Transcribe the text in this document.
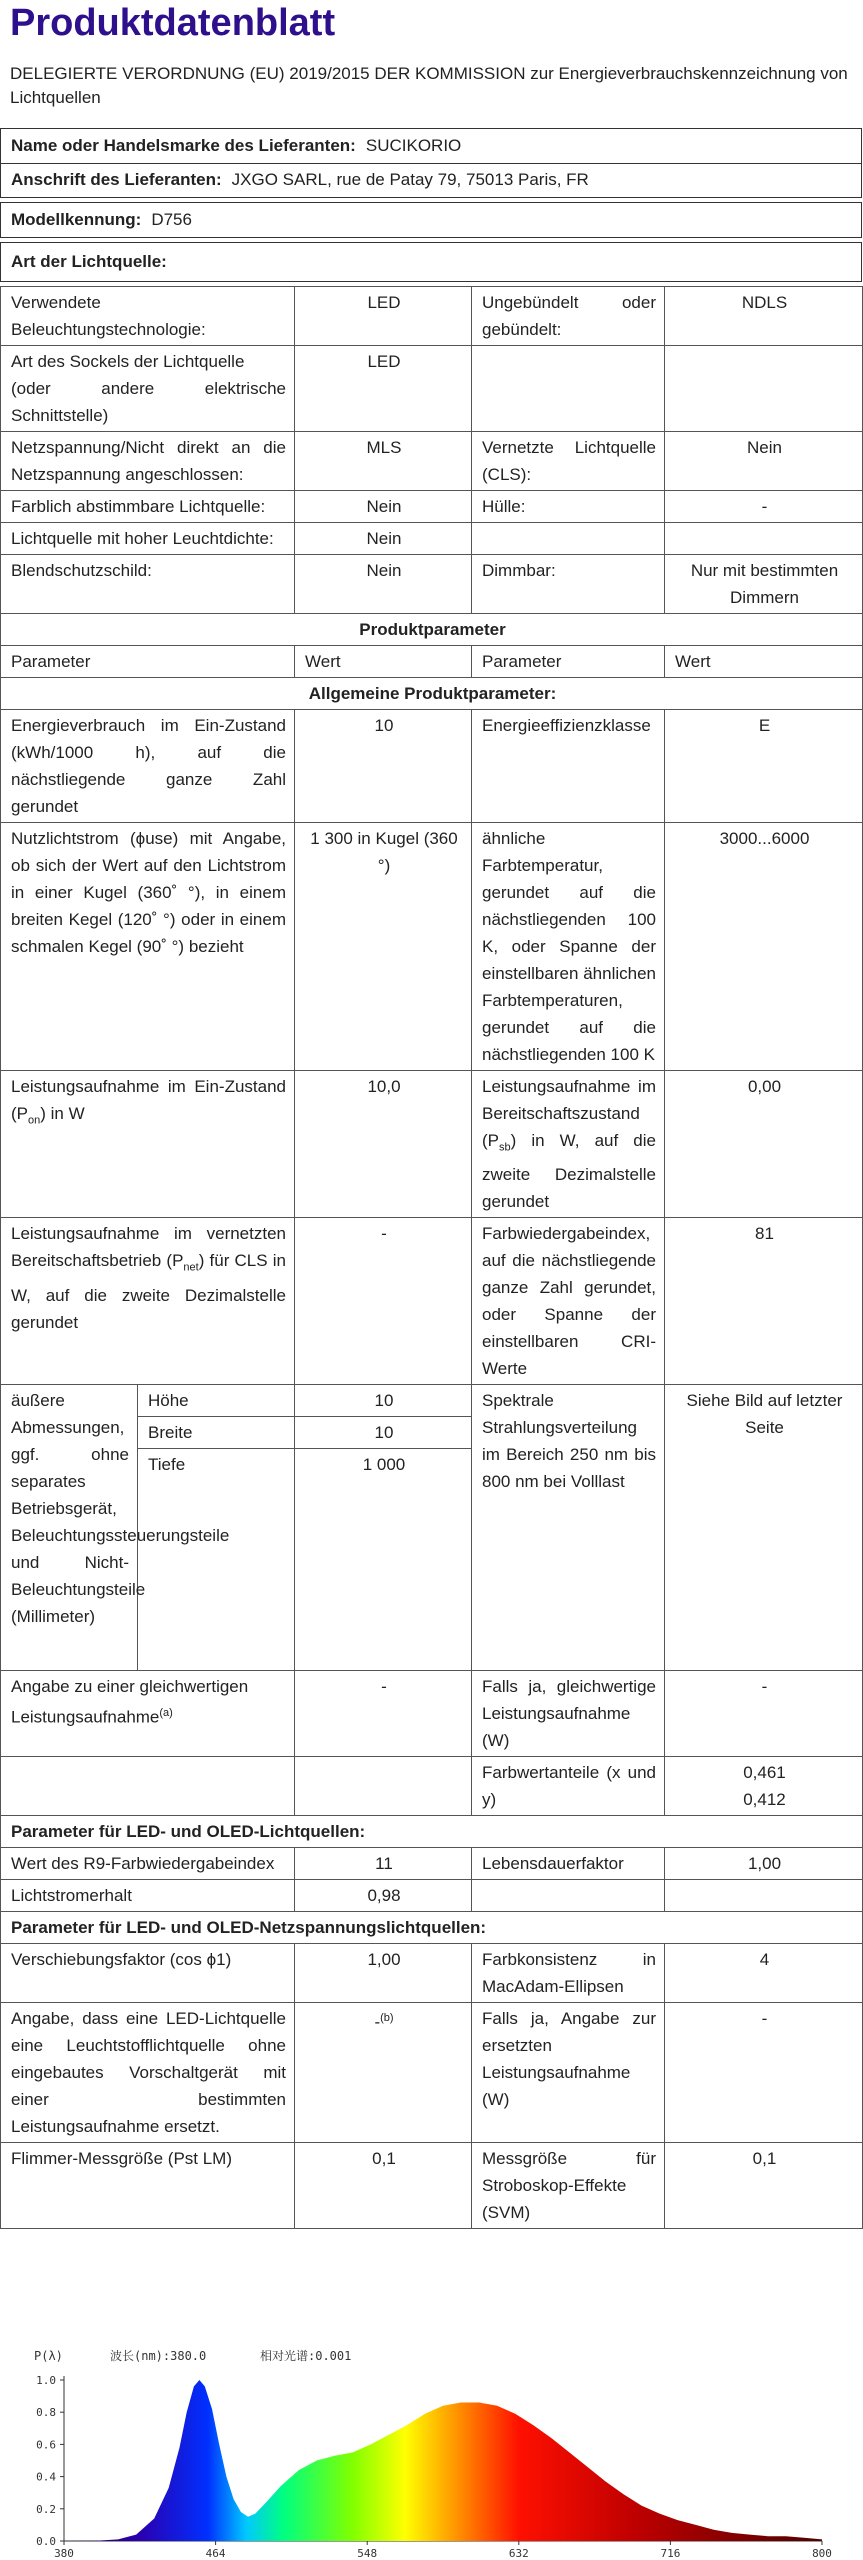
Produktdatenblatt
DELEGIERTE VERORDNUNG (EU) 2019/2015 DER KOMMISSION zur Energieverbrauchskennzeichnung von Lichtquellen
Name oder Handelsmarke des Lieferanten: SUCIKORIO
Anschrift des Lieferanten: JXGO SARL, rue de Patay 79, 75013 Paris, FR
Modellkennung: D756
Art der Lichtquelle:
Verwendete Beleuchtungstechnologie:		LED	Ungebündelt oder gebündelt:	NDLS

Art des Sockels der Lichtquelle
(oder andere elektrische Schnittstelle)		LED		
Netzspannung/Nicht direkt an die Netzspannung angeschlossen:		MLS	Vernetzte Lichtquelle (CLS):	Nein
Farblich abstimmbare Lichtquelle:		Nein	Hülle:	-
Lichtquelle mit hoher Leuchtdichte:		Nein		
Blendschutzschild:		Nein	Dimmbar:	Nur mit bestimmten Dimmern
Produktparameter				
Parameter		Wert	Parameter	Wert
Allgemeine Produktparameter:				
Energieverbrauch im Ein-Zustand (kWh/1000 h), auf die nächstliegende ganze Zahl gerundet		10	Energieeffizienzklasse	E
Nutzlichtstrom (ϕuse) mit Angabe, ob sich der Wert auf den Lichtstrom in einer Kugel (360˚ °), in einem breiten Kegel (120˚ °) oder in einem schmalen Kegel (90˚ °) bezieht		1 300 in Kugel (360 °)	ähnliche Farbtemperatur, gerundet auf die nächstliegenden 100 K, oder Spanne der einstellbaren ähnlichen Farbtemperaturen, gerundet auf die nächstliegenden 100 K	3000...6000
Leistungsaufnahme im Ein-Zustand $(P_{on})$ in W		10,0	Leistungsaufnahme im Bereitschaftszustand $(P_{sb})$ in W, auf die zweite Dezimalstelle gerundet	0,00
Leistungsaufnahme im vernetzten Bereitschaftsbetrieb $(P_{net})$ für CLS in W, auf die zweite Dezimalstelle gerundet		-	Farbwiedergabeindex, auf die nächstliegende ganze Zahl gerundet, oder Spanne der einstellbaren CRI-Werte	81
äußere Abmessungen, ggf. ohne separates Betriebsgerät, Beleuchtungssteuerungsteile und Nicht-Beleuchtungsteile (Millimeter)	Höhe	10	Spektrale Strahlungsverteilung im Bereich 250 nm bis 800 nm bei Volllast	Siehe Bild auf letzter Seite
	Breite	10		
	Tiefe	1 000		
Angabe zu einer gleichwertigen Leistungsaufnahme$^{(a)}$		-	Falls ja, gleichwertige Leistungsaufnahme (W)	-
			Farbwertanteile (x und y)	0,461
0,412

Parameter für LED- und OLED-Lichtquellen:				
Wert des R9-Farbwiedergabeindex		11	Lebensdauerfaktor	1,00
Lichtstromerhalt		0,98		
Parameter für LED- und OLED-Netzspannungslichtquellen:				
Verschiebungsfaktor (cos ϕ1)		1,00	Farbkonsistenz in MacAdam-Ellipsen	4
Angabe, dass eine LED-Lichtquelle eine Leuchtstofflichtquelle ohne eingebautes Vorschaltgerät mit einer bestimmten Leistungsaufnahme ersetzt.		-$^{(b)}$	Falls ja, Angabe zur ersetzten Leistungsaufnahme (W)	-
Flimmer-Messgröße (Pst LM)		0,1	Messgröße für Stroboskop-Effekte (SVM)	0,1
P(λ)	波长(nm):380.0	相对光谱:0.001
1.0
0.8
0.6
0.4
0.2
0.0
380	464	548	632	716	800
